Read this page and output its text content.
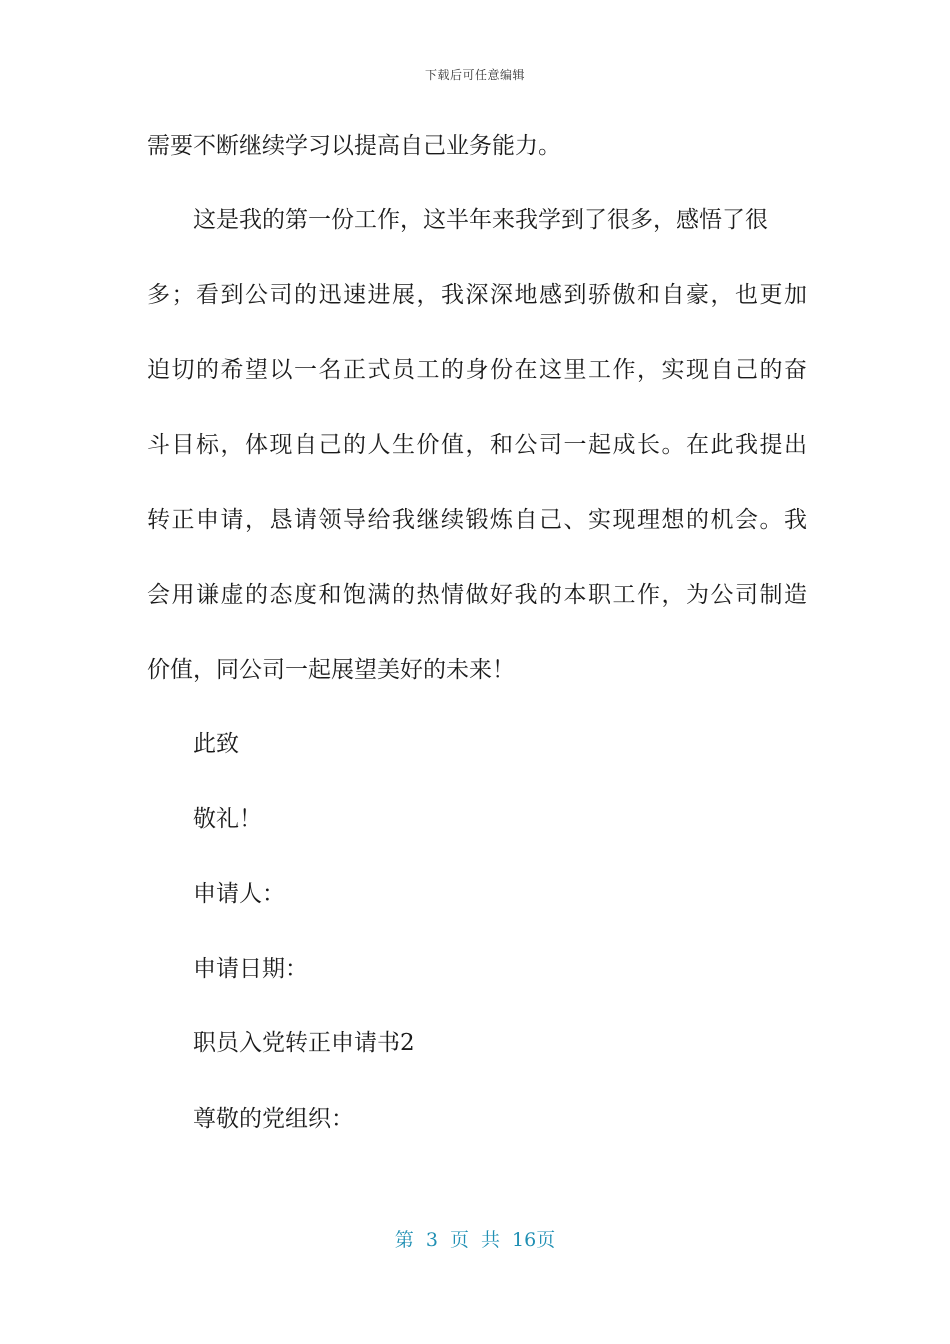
下载后可任意编辑
需要不断继续学习以提高自己业务能力。
这是我的第一份工作，这半年来我学到了很多，感悟了很
多；看到公司的迅速进展，我深深地感到骄傲和自豪，也更加
迫切的希望以一名正式员工的身份在这里工作，实现自己的奋
斗目标，体现自己的人生价值，和公司一起成长。在此我提出
转正申请，恳请领导给我继续锻炼自己、实现理想的机会。我
会用谦虚的态度和饱满的热情做好我的本职工作，为公司制造
价值，同公司一起展望美好的未来！
此致
敬礼！
申请人：
申请日期：
职员入党转正申请书2
尊敬的党组织：
第 3 页 共 16页
